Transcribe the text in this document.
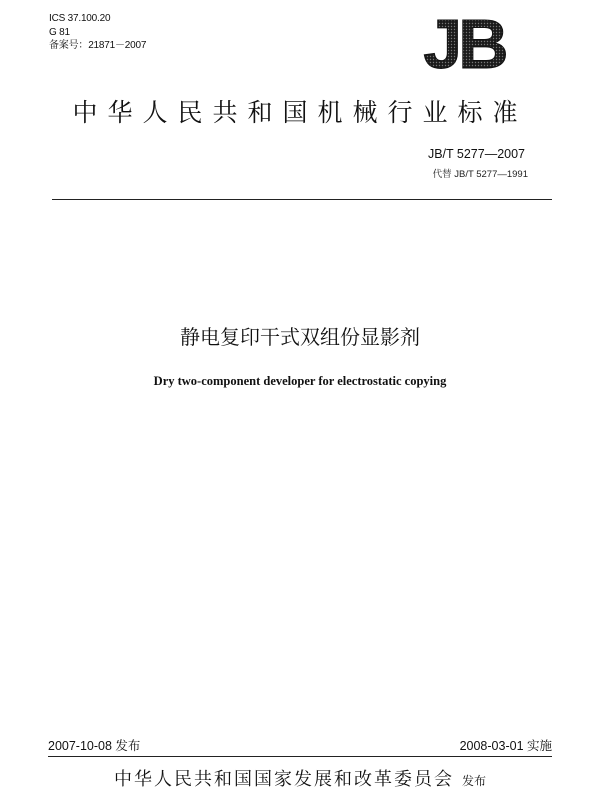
ICS 37.100.20
G 81
备案号：21871－2007	JB
中华人民共和国机械行业标准
JB/T 5277—2007
代替 JB/T 5277—1991
静电复印干式双组份显影剂
Dry two-component developer for electrostatic copying
2007-10-08 发布	2008-03-01 实施
中华人民共和国国家发展和改革委员会 发布
